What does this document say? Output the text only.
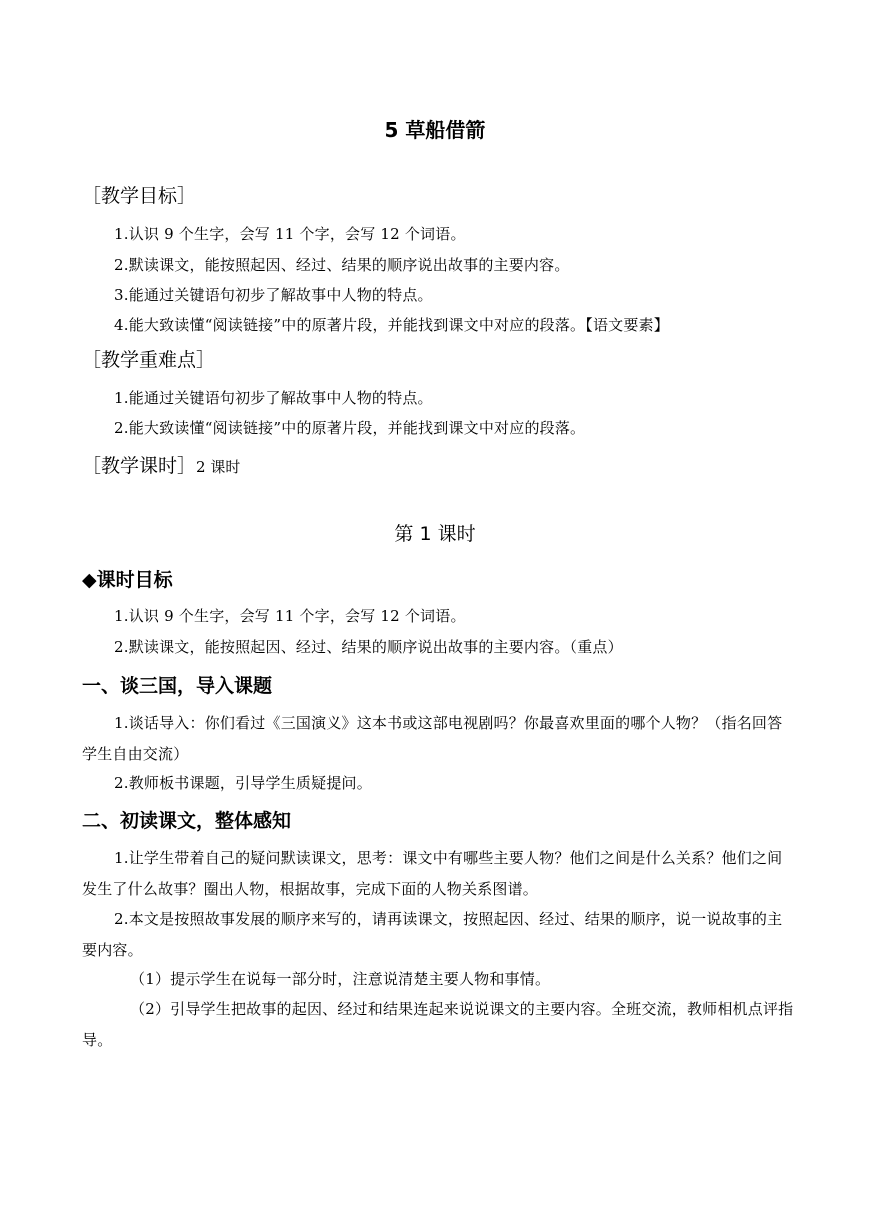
5 草船借箭
［教学目标］
1.认识 9 个生字，会写 11 个字，会写 12 个词语。
2.默读课文，能按照起因、经过、结果的顺序说出故事的主要内容。
3.能通过关键语句初步了解故事中人物的特点。
4.能大致读懂“阅读链接”中的原著片段，并能找到课文中对应的段落。【语文要素】
［教学重难点］
1.能通过关键语句初步了解故事中人物的特点。
2.能大致读懂“阅读链接”中的原著片段，并能找到课文中对应的段落。
［教学课时］2 课时
第 1 课时
◆课时目标
1.认识 9 个生字，会写 11 个字，会写 12 个词语。
2.默读课文，能按照起因、经过、结果的顺序说出故事的主要内容。（重点）
一、谈三国，导入课题
1.谈话导入：你们看过《三国演义》这本书或这部电视剧吗？你最喜欢里面的哪个人物？（指名回答学生自由交流）
2.教师板书课题，引导学生质疑提问。
二、初读课文，整体感知
1.让学生带着自己的疑问默读课文，思考：课文中有哪些主要人物？他们之间是什么关系？他们之间发生了什么故事？圈出人物，根据故事，完成下面的人物关系图谱。
2.本文是按照故事发展的顺序来写的，请再读课文，按照起因、经过、结果的顺序，说一说故事的主要内容。
（1）提示学生在说每一部分时，注意说清楚主要人物和事情。
（2）引导学生把故事的起因、经过和结果连起来说说课文的主要内容。全班交流，教师相机点评指导。
